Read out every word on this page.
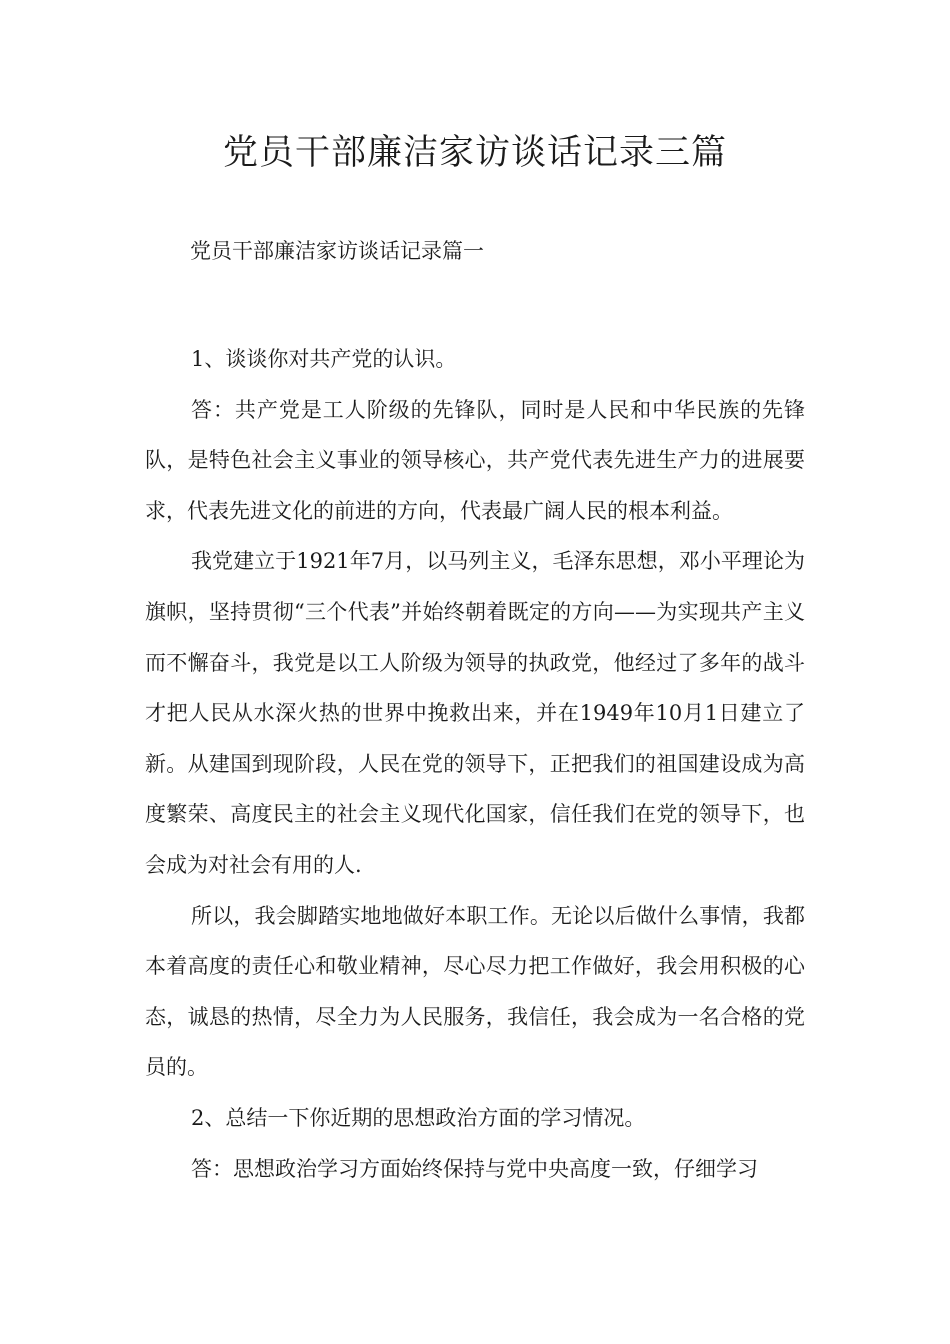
党员干部廉洁家访谈话记录三篇

党员干部廉洁家访谈话记录篇一

1、谈谈你对共产党的认识。

答：共产党是工人阶级的先锋队，同时是人民和中华民族的先锋队，是特色社会主义事业的领导核心，共产党代表先进生产力的进展要求，代表先进文化的前进的方向，代表最广阔人民的根本利益。

我党建立于1921年7月，以马列主义，毛泽东思想，邓小平理论为旗帜，坚持贯彻“三个代表”并始终朝着既定的方向——为实现共产主义而不懈奋斗，我党是以工人阶级为领导的执政党，他经过了多年的战斗才把人民从水深火热的世界中挽救出来，并在1949年10月1日建立了新。从建国到现阶段，人民在党的领导下，正把我们的祖国建设成为高度繁荣、高度民主的社会主义现代化国家，信任我们在党的领导下，也会成为对社会有用的人.

所以，我会脚踏实地地做好本职工作。无论以后做什么事情，我都本着高度的责任心和敬业精神，尽心尽力把工作做好，我会用积极的心态，诚恳的热情，尽全力为人民服务，我信任，我会成为一名合格的党员的。

2、总结一下你近期的思想政治方面的学习情况。

答：思想政治学习方面始终保持与党中央高度一致，仔细学习
